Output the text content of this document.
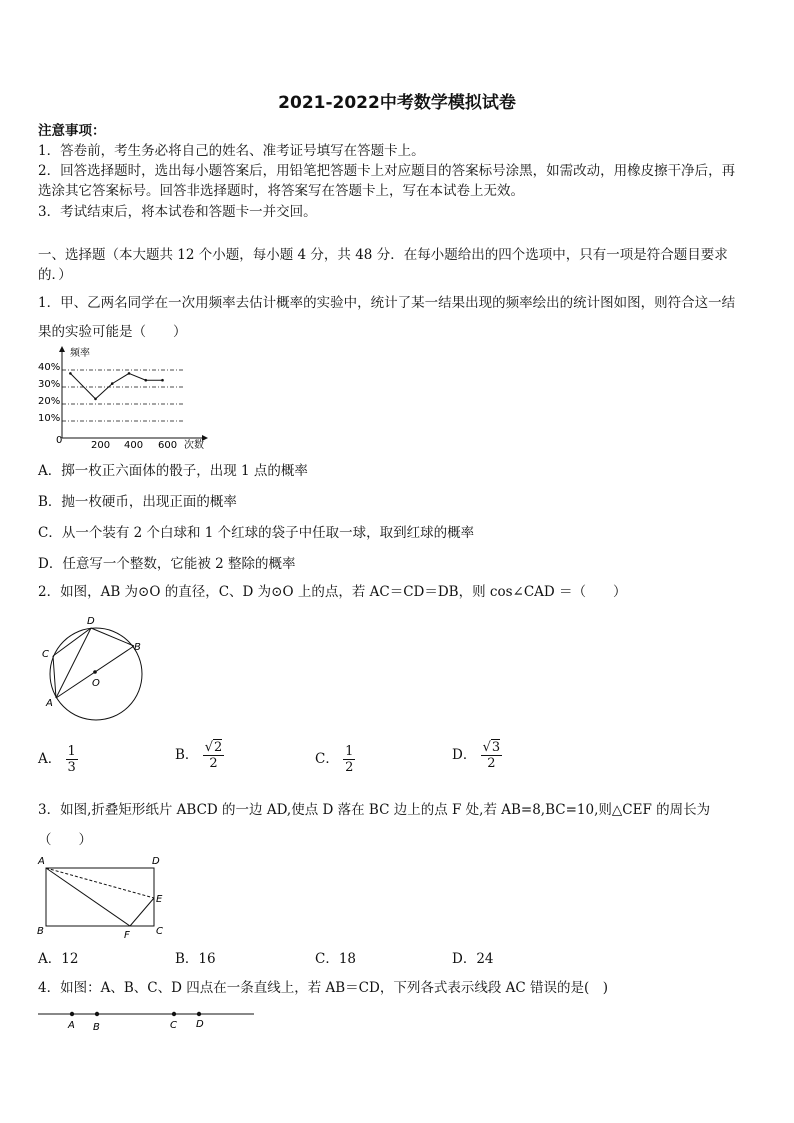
2021-2022中考数学模拟试卷
注意事项：
1．答卷前，考生务必将自己的姓名、准考证号填写在答题卡上。
2．回答选择题时，选出每小题答案后，用铅笔把答题卡上对应题目的答案标号涂黑，如需改动，用橡皮擦干净后，再
选涂其它答案标号。回答非选择题时，将答案写在答题卡上，写在本试卷上无效。
3．考试结束后，将本试卷和答题卡一并交回。
一、选择题（本大题共 12 个小题，每小题 4 分，共 48 分．在每小题给出的四个选项中，只有一项是符合题目要求
的．）
1．甲、乙两名同学在一次用频率去估计概率的实验中，统计了某一结果出现的频率绘出的统计图如图，则符合这一结
果的实验可能是（　　）
频率
次数
0
10%
20%
30%
40%
200 400 600
A．掷一枚正六面体的骰子，出现 1 点的概率
B．抛一枚硬币，出现正面的概率
C．从一个装有 2 个白球和 1 个红球的袋子中任取一球，取到红球的概率
D．任意写一个整数，它能被 2 整除的概率
2．如图，AB 为⊙O 的直径，C、D 为⊙O 上的点，若 AC＝CD＝DB，则 cos∠CAD ＝（　　）
D
C
B
O
A
A． $\frac{1}{3}$	B． $\frac{√2}{2}$	C． $\frac{1}{2}$	D． $\frac{√3}{2}$
3．如图,折叠矩形纸片 ABCD 的一边 AD,使点 D 落在 BC 边上的点 F 处,若 AB=8,BC=10,则△CEF 的周长为
（　　）
A	D
E
B	F	C
A．12	B．16	C．18	D．24
4．如图：A、B、C、D 四点在一条直线上，若 AB＝CD，下列各式表示线段 AC 错误的是(　)
A B	C D
